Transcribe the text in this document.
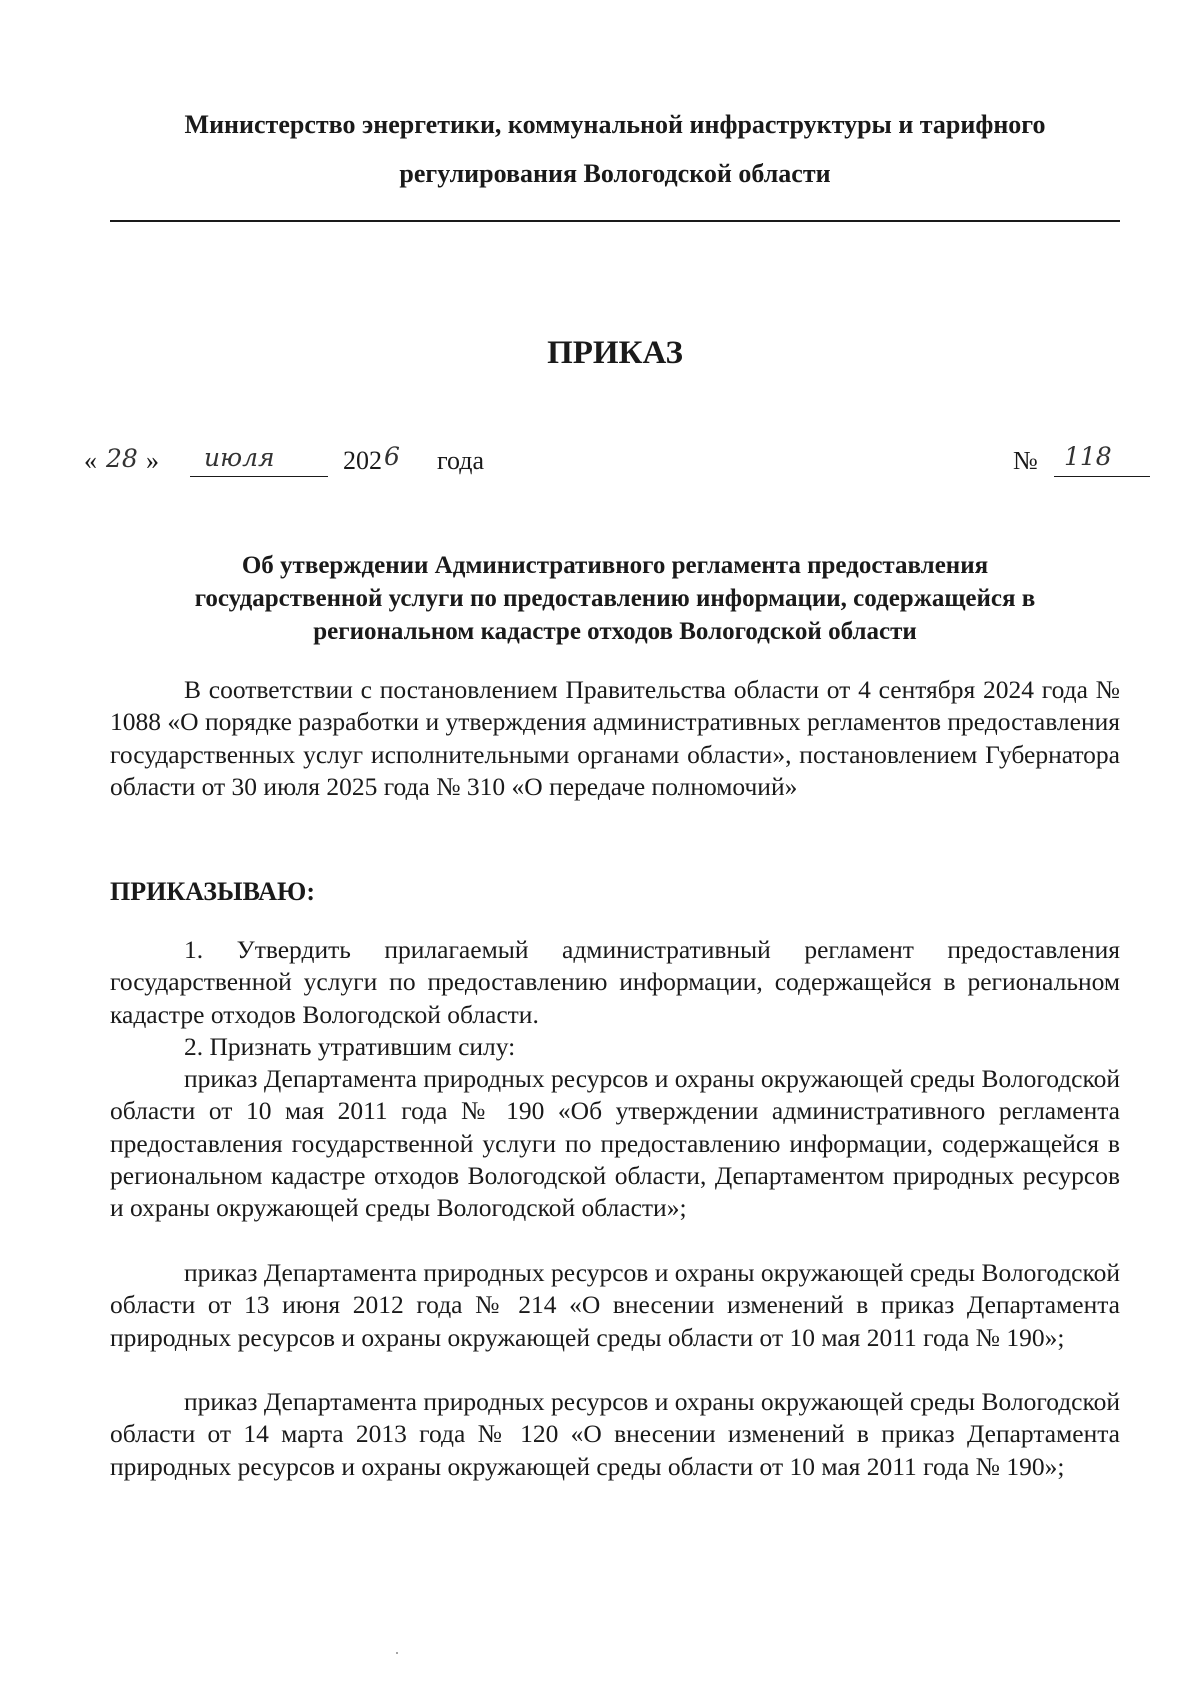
Министерство энергетики, коммунальной инфраструктуры и тарифного
регулирования Вологодской области
ПРИКАЗ
« 28 » июля	202 6 года	№ 118
Об утверждении Административного регламента предоставления
государственной услуги по предоставлению информации, содержащейся в
региональном кадастре отходов Вологодской области

В соответствии с постановлением Правительства области от 4 сентября 2024 года № 1088 «О порядке разработки и утверждения административных регламентов предоставления государственных услуг исполнительными органами области», постановлением Губернатора области от 30 июля 2025 года № 310 «О передаче полномочий»

ПРИКАЗЫВАЮ:

1. Утвердить прилагаемый административный регламент предоставления государственной услуги по предоставлению информации, содержащейся в региональном кадастре отходов Вологодской области.

2. Признать утратившим силу:

приказ Департамента природных ресурсов и охраны окружающей среды Вологодской области от 10 мая 2011 года № 190 «Об утверждении административного регламента предоставления государственной услуги по предоставлению информации, содержащейся в региональном кадастре отходов Вологодской области, Департаментом природных ресурсов и охраны окружающей среды Вологодской области»;

приказ Департамента природных ресурсов и охраны окружающей среды Вологодской области от 13 июня 2012 года № 214 «О внесении изменений в приказ Департамента природных ресурсов и охраны окружающей среды области от 10 мая 2011 года № 190»;

приказ Департамента природных ресурсов и охраны окружающей среды Вологодской области от 14 марта 2013 года № 120 «О внесении изменений в приказ Департамента природных ресурсов и охраны окружающей среды области от 10 мая 2011 года № 190»;
